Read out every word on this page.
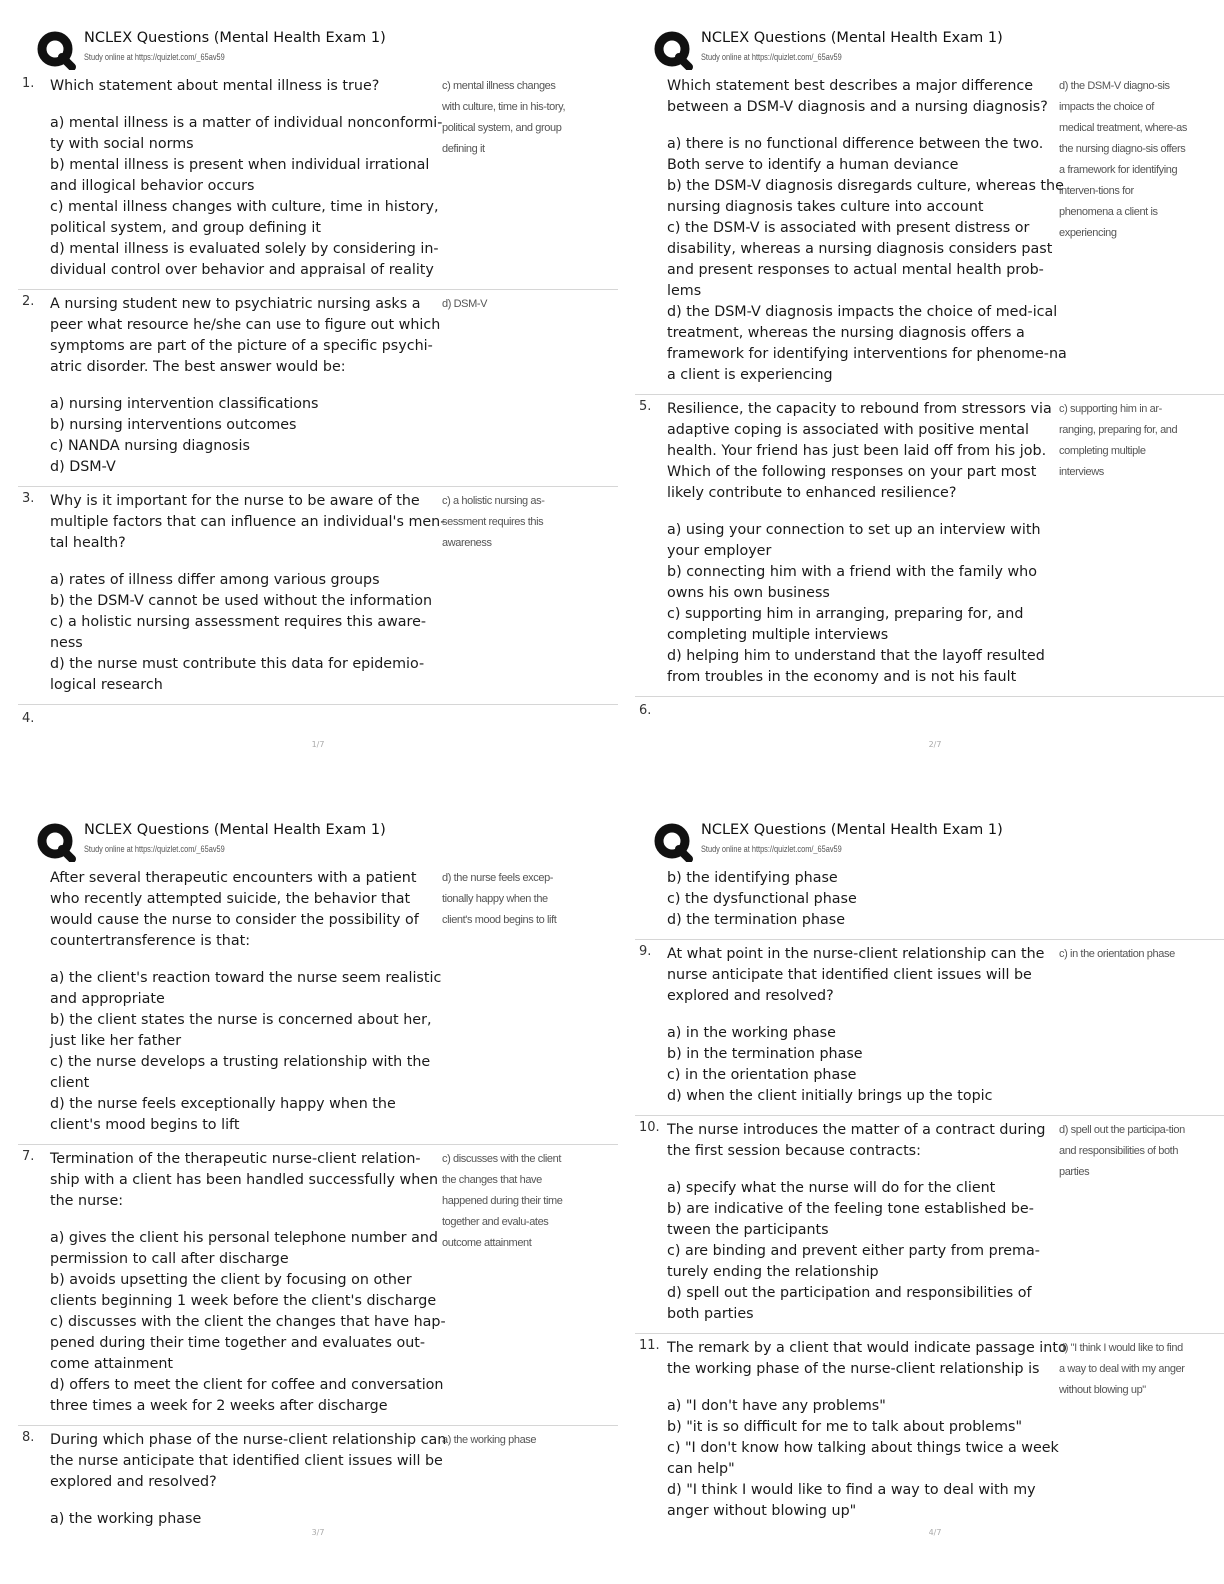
NCLEX Questions (Mental Health Exam 1)
Study online at https://quizlet.com/_65av59
1.	Which statement about mental illness is true?
a) mental illness is a matter of individual nonconformi-ty with social norms
b) mental illness is present when individual irrational and illogical behavior occurs
c) mental illness changes with culture, time in history, political system, and group defining it
d) mental illness is evaluated solely by considering in-dividual control over behavior and appraisal of reality
c) mental illness changes with culture, time in his-tory, political system, and group defining it
2.	A nursing student new to psychiatric nursing asks a peer what resource he/she can use to figure out which symptoms are part of the picture of a specific psychi-atric disorder. The best answer would be:
a) nursing intervention classifications
b) nursing interventions outcomes
c) NANDA nursing diagnosis
d) DSM-V
d) DSM-V
3.	Why is it important for the nurse to be aware of the multiple factors that can influence an individual's men-tal health?
a) rates of illness differ among various groups
b) the DSM-V cannot be used without the information
c) a holistic nursing assessment requires this aware-ness
d) the nurse must contribute this data for epidemio-logical research
c) a holistic nursing as-sessment requires this awareness
4.
1/7
NCLEX Questions (Mental Health Exam 1)
Study online at https://quizlet.com/_65av59
Which statement best describes a major difference between a DSM-V diagnosis and a nursing diagnosis?
a) there is no functional difference between the two. Both serve to identify a human deviance
b) the DSM-V diagnosis disregards culture, whereas the nursing diagnosis takes culture into account
c) the DSM-V is associated with present distress or disability, whereas a nursing diagnosis considers past and present responses to actual mental health prob-lems
d) the DSM-V diagnosis impacts the choice of med-ical treatment, whereas the nursing diagnosis offers a framework for identifying interventions for phenome-na a client is experiencing
d) the DSM-V diagno-sis impacts the choice of medical treatment, where-as the nursing diagno-sis offers a framework for identifying interven-tions for phenomena a client is experiencing
5.	Resilience, the capacity to rebound from stressors via adaptive coping is associated with positive mental health. Your friend has just been laid off from his job. Which of the following responses on your part most likely contribute to enhanced resilience?
a) using your connection to set up an interview with your employer
b) connecting him with a friend with the family who owns his own business
c) supporting him in arranging, preparing for, and completing multiple interviews
d) helping him to understand that the layoff resulted from troubles in the economy and is not his fault
c) supporting him in ar-ranging, preparing for, and completing multiple interviews
6.
2/7
NCLEX Questions (Mental Health Exam 1)
Study online at https://quizlet.com/_65av59
After several therapeutic encounters with a patient who recently attempted suicide, the behavior that would cause the nurse to consider the possibility of countertransference is that:
a) the client's reaction toward the nurse seem realistic and appropriate
b) the client states the nurse is concerned about her, just like her father
c) the nurse develops a trusting relationship with the client
d) the nurse feels exceptionally happy when the client's mood begins to lift
d) the nurse feels excep-tionally happy when the client's mood begins to lift
7.	Termination of the therapeutic nurse-client relation-ship with a client has been handled successfully when the nurse:
a) gives the client his personal telephone number and permission to call after discharge
b) avoids upsetting the client by focusing on other clients beginning 1 week before the client's discharge
c) discusses with the client the changes that have hap-pened during their time together and evaluates out-come attainment
d) offers to meet the client for coffee and conversation three times a week for 2 weeks after discharge
c) discusses with the client the changes that have happened during their time together and evalu-ates outcome attainment
8.	During which phase of the nurse-client relationship can the nurse anticipate that identified client issues will be explored and resolved?
a) the working phase
a) the working phase
3/7
NCLEX Questions (Mental Health Exam 1)
Study online at https://quizlet.com/_65av59
b) the identifying phase
c) the dysfunctional phase
d) the termination phase
9.	At what point in the nurse-client relationship can the nurse anticipate that identified client issues will be explored and resolved?
a) in the working phase
b) in the termination phase
c) in the orientation phase
d) when the client initially brings up the topic
c) in the orientation phase
10. The nurse introduces the matter of a contract during the first session because contracts:
a) specify what the nurse will do for the client
b) are indicative of the feeling tone established be-tween the participants
c) are binding and prevent either party from prema-turely ending the relationship
d) spell out the participation and responsibilities of both parties
d) spell out the participa-tion and responsibilities of both parties
11. The remark by a client that would indicate passage into the working phase of the nurse-client relationship is
a) "I don't have any problems"
b) "it is so difficult for me to talk about problems"
c) "I don't know how talking about things twice a week can help"
d) "I think I would like to find a way to deal with my anger without blowing up"
d) "I think I would like to find a way to deal with my anger without blowing up"
4/7
